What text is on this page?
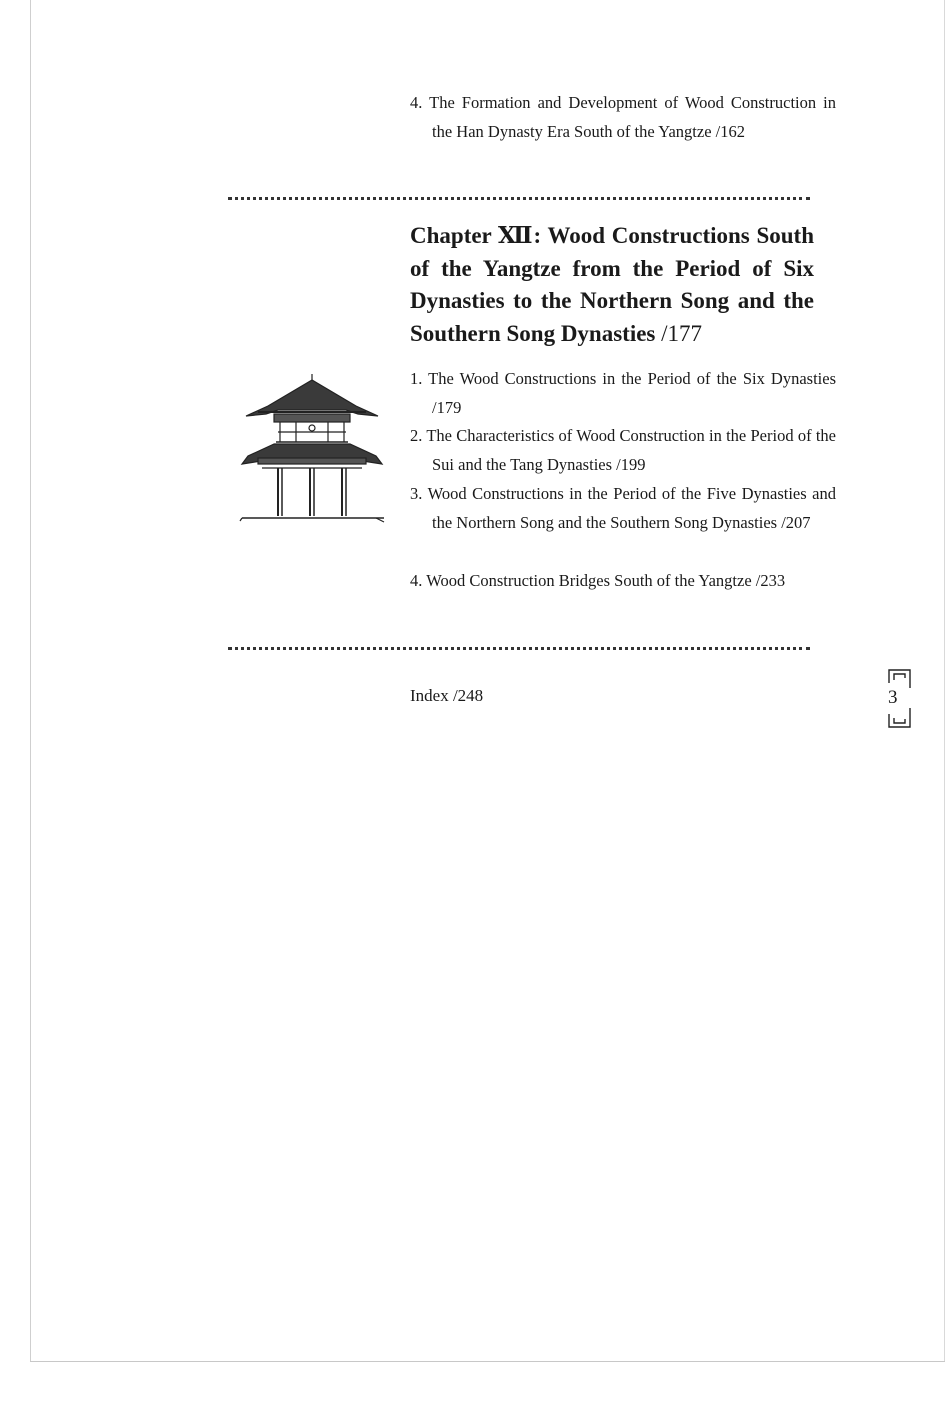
4. The Formation and Development of Wood Construction in the Han Dynasty Era South of the Yangtze /162
Chapter Ⅻ: Wood Constructions South of the Yangtze from the Period of Six Dynasties to the Northern Song and the Southern Song Dynasties /177
1. The Wood Constructions in the Period of the Six Dynasties /179
2. The Characteristics of Wood Construction in the Period of the Sui and the Tang Dynasties /199
3. Wood Constructions in the Period of the Five Dynasties and the Northern Song and the Southern Song Dynasties /207
4. Wood Construction Bridges South of the Yangtze /233
Index /248	3
